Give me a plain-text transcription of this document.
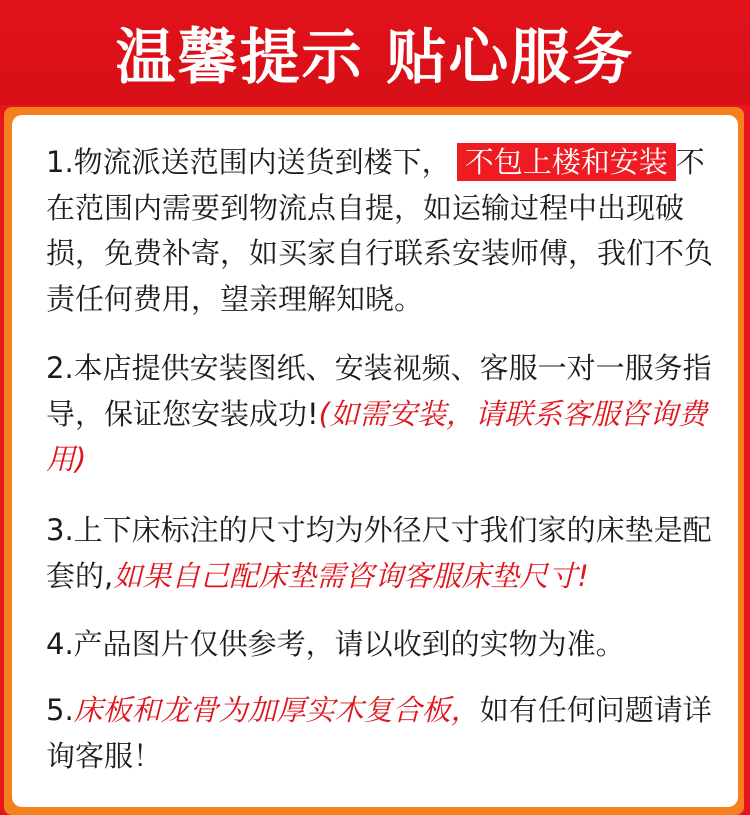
温馨提示 贴心服务
1.物流派送范围内送货到楼下， 不包上楼和安装 不在范围内需要到物流点自提，如运输过程中出现破损，免费补寄，如买家自行联系安装师傅，我们不负责任何费用，望亲理解知晓。
2.本店提供安装图纸、安装视频、客服一对一服务指导，保证您安装成功!(如需安装，请联系客服咨询费用)
3.上下床标注的尺寸均为外径尺寸我们家的床垫是配套的,如果自己配床垫需咨询客服床垫尺寸!
4.产品图片仅供参考，请以收到的实物为准。
5.床板和龙骨为加厚实木复合板，如有任何问题请详询客服！
